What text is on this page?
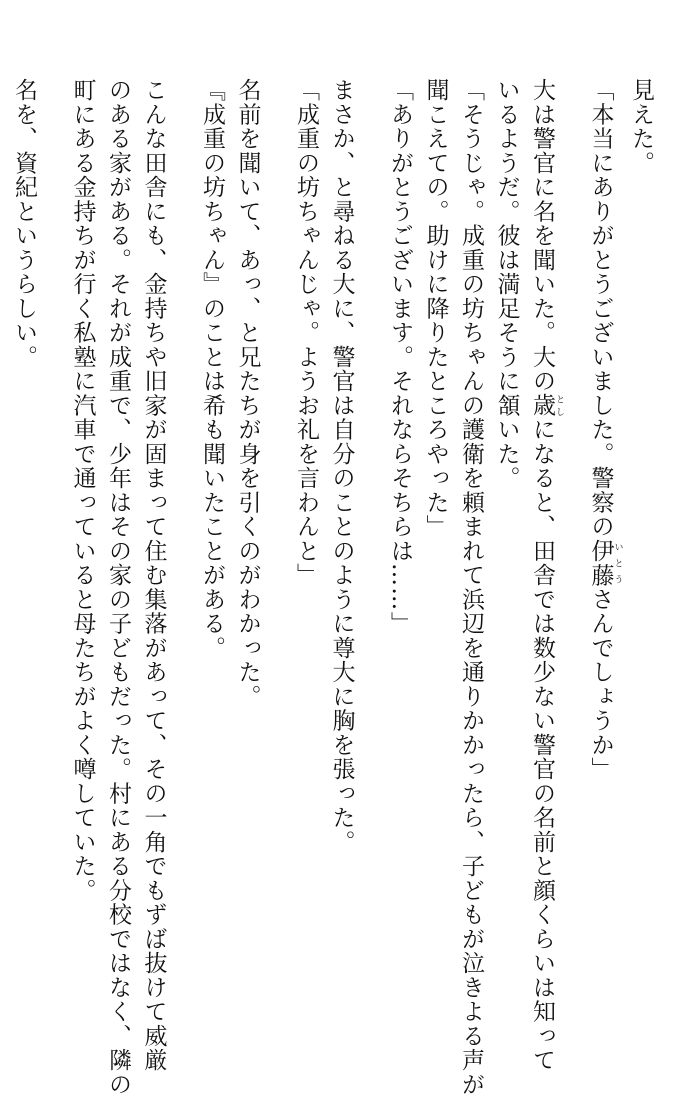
見えた。
「本当にありがとうございました。警察の伊藤 いとうさんでしょうか」
大は警官に名を聞いた。大の歳 としになると、田舎では数少ない警官の名前と顔くらいは知って
いるようだ。彼は満足そうに頷いた。
「そうじゃ。成重の坊ちゃんの護衛を頼まれて浜辺を通りかかったら、子どもが泣きよる声が
聞こえての。助けに降りたところやった」
「ありがとうございます。それならそちらは……」
まさか、と尋ねる大に、警官は自分のことのように尊大に胸を張った。
「成重の坊ちゃんじゃ。ようお礼を言わんと」
名前を聞いて、あっ、と兄たちが身を引くのがわかった。
『成重の坊ちゃん』のことは希も聞いたことがある。
こんな田舎にも、金持ちや旧家が固まって住む集落があって、その一角でもずば抜けて威厳
のある家がある。それが成重で、少年はその家の子どもだった。村にある分校ではなく、隣の
町にある金持ちが行く私塾に汽車で通っていると母たちがよく噂していた。
名を、資紀というらしい。
